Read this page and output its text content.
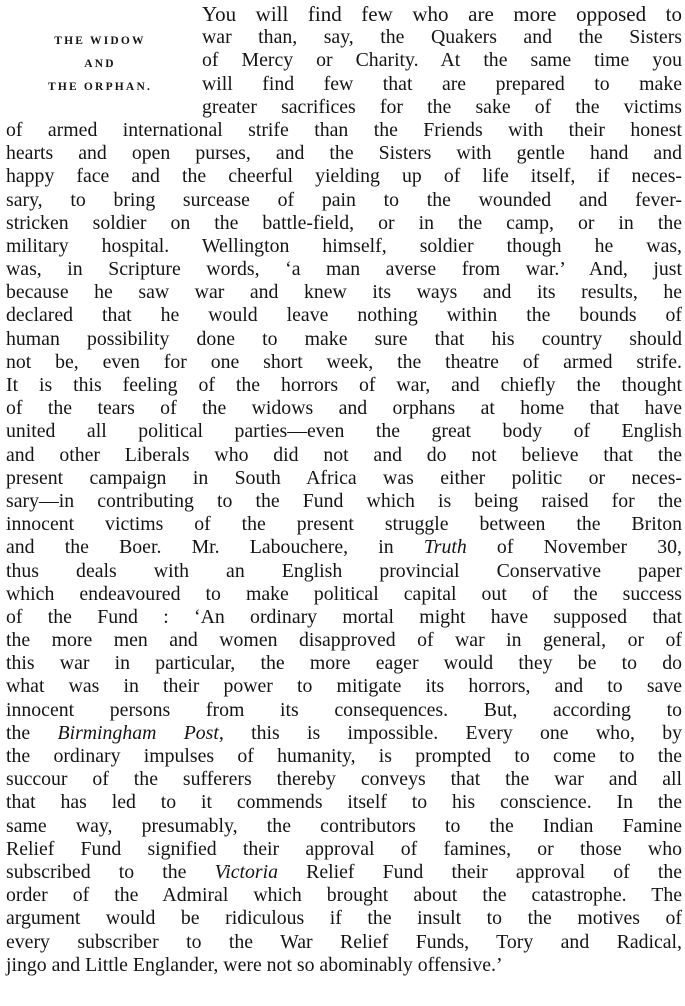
THE WIDOW
AND
THE ORPHAN.
You will find few who are more opposed to
war than, say, the Quakers and the Sisters
of Mercy or Charity. At the same time you
will find few that are prepared to make
greater sacrifices for the sake of the victims
of armed international strife than the Friends with their honest
hearts and open purses, and the Sisters with gentle hand and
happy face and the cheerful yielding up of life itself, if neces-
sary, to bring surcease of pain to the wounded and fever-
stricken soldier on the battle-field, or in the camp, or in the
military hospital. Wellington himself, soldier though he was,
was, in Scripture words, ‘a man averse from war.’ And, just
because he saw war and knew its ways and its results, he
declared that he would leave nothing within the bounds of
human possibility done to make sure that his country should
not be, even for one short week, the theatre of armed strife.
It is this feeling of the horrors of war, and chiefly the thought
of the tears of the widows and orphans at home that have
united all political parties—even the great body of English
and other Liberals who did not and do not believe that the
present campaign in South Africa was either politic or neces-
sary—in contributing to the Fund which is being raised for the
innocent victims of the present struggle between the Briton
and the Boer. Mr. Labouchere, in Truth of November 30,
thus deals with an English provincial Conservative paper
which endeavoured to make political capital out of the success
of the Fund : ‘An ordinary mortal might have supposed that
the more men and women disapproved of war in general, or of
this war in particular, the more eager would they be to do
what was in their power to mitigate its horrors, and to save
innocent persons from its consequences. But, according to
the Birmingham Post, this is impossible. Every one who, by
the ordinary impulses of humanity, is prompted to come to the
succour of the sufferers thereby conveys that the war and all
that has led to it commends itself to his conscience. In the
same way, presumably, the contributors to the Indian Famine
Relief Fund signified their approval of famines, or those who
subscribed to the Victoria Relief Fund their approval of the
order of the Admiral which brought about the catastrophe. The
argument would be ridiculous if the insult to the motives of
every subscriber to the War Relief Funds, Tory and Radical,
jingo and Little Englander, were not so abominably offensive.’
